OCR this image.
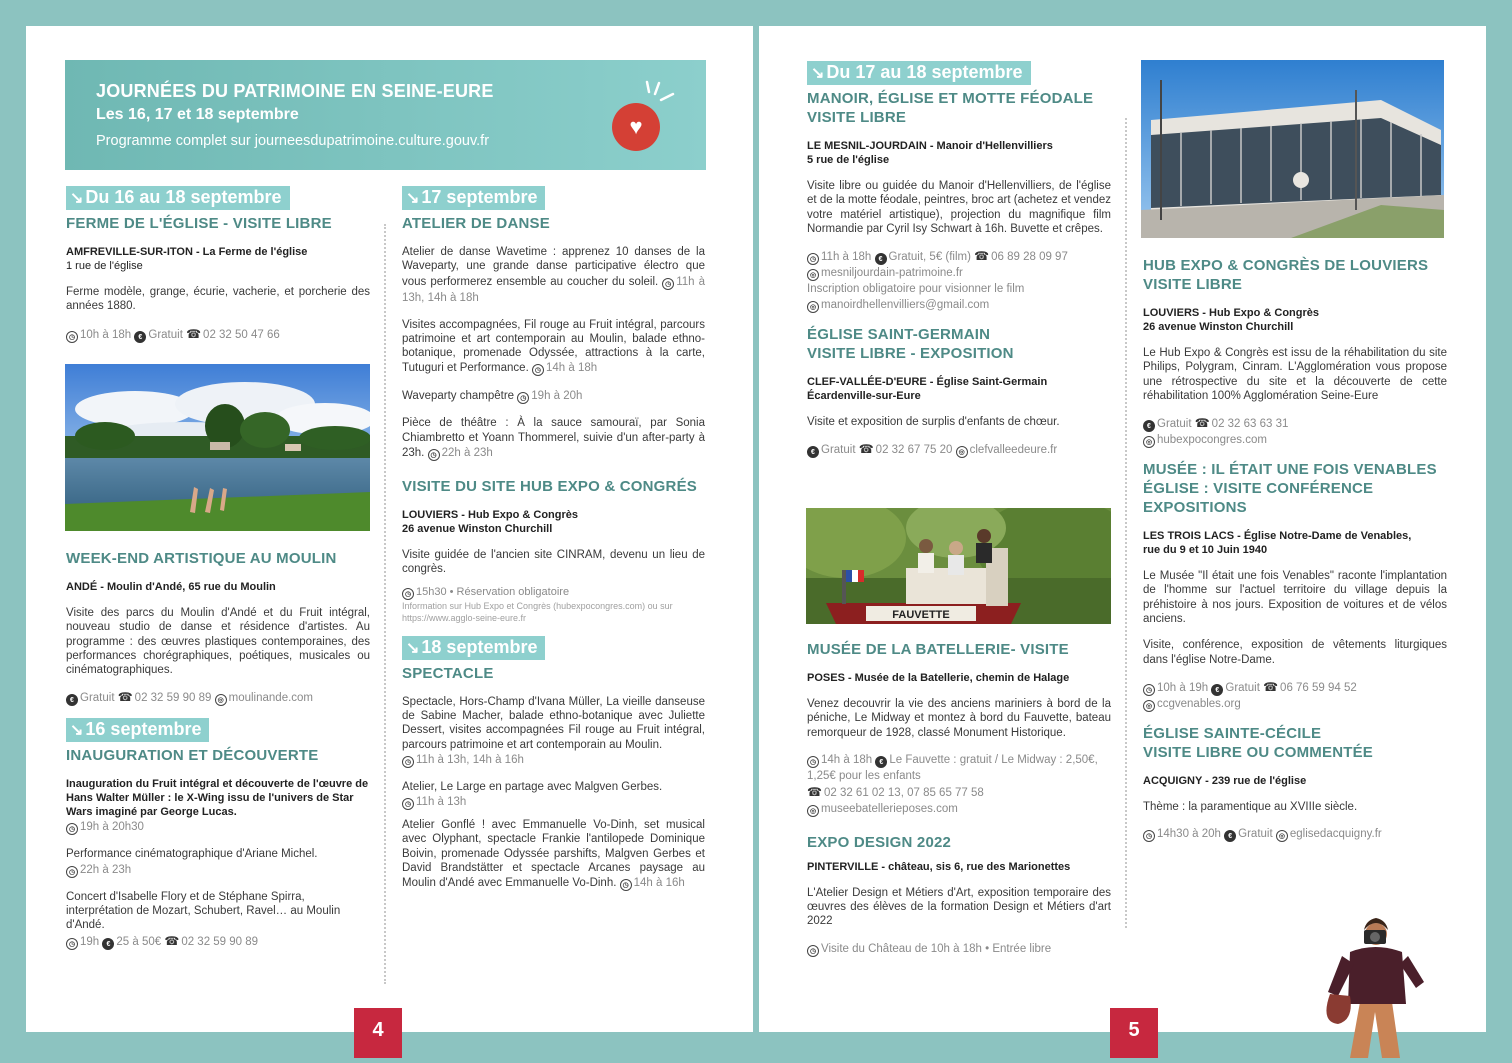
JOURNÉES DU PATRIMOINE EN SEINE-EURE
Les 16, 17 et 18 septembre
Programme complet sur journeesdupatrimoine.culture.gouv.fr
♥
↘ Du 16 au 18 septembre

FERME DE L'ÉGLISE - VISITE LIBRE

AMFREVILLE-SUR-ITON - La Ferme de l'église

1 rue de l'église

Ferme modèle, grange, écurie, vacherie, et porcherie des années 1880.

◷ 10h à 18h € Gratuit ☎ 02 32 50 47 66

WEEK-END ARTISTIQUE AU MOULIN

ANDÉ - Moulin d'Andé, 65 rue du Moulin

Visite des parcs du Moulin d'Andé et du Fruit intégral, nouveau studio de danse et résidence d'artistes. Au programme : des œuvres plastiques contemporaines, des performances chorégraphiques, poétiques, musicales ou cinématographiques.

€ Gratuit ☎ 02 32 59 90 89 ◎ moulinande.com

↘ 16 septembre

INAUGURATION ET DÉCOUVERTE

Inauguration du Fruit intégral et découverte de l'œuvre de Hans Walter Müller : le X-Wing issu de l'univers de Star Wars imaginé par George Lucas.

◷ 19h à 20h30

Performance cinématographique d'Ariane Michel.

◷ 22h à 23h

Concert d'Isabelle Flory et de Stéphane Spirra, interprétation de Mozart, Schubert, Ravel… au Moulin d'Andé.

◷ 19h € 25 à 50€ ☎ 02 32 59 90 89

↘ 17 septembre

ATELIER DE DANSE

Atelier de danse Wavetime : apprenez 10 danses de la Waveparty, une grande danse participative électro que vous performerez ensemble au coucher du soleil. ◷ 11h à 13h, 14h à 18h

Visites accompagnées, Fil rouge au Fruit intégral, parcours patrimoine et art contemporain au Moulin, balade ethno-botanique, promenade Odyssée, attractions à la carte, Tutuguri et Performance. ◷ 14h à 18h

Waveparty champêtre ◷ 19h à 20h

Pièce de théâtre : À la sauce samouraï, par Sonia Chiambretto et Yoann Thommerel, suivie d'un after-party à 23h. ◷ 22h à 23h

VISITE DU SITE HUB EXPO & CONGRÉS

LOUVIERS - Hub Expo & Congrès

26 avenue Winston Churchill

Visite guidée de l'ancien site CINRAM, devenu un lieu de congrès.

◷ 15h30 • Réservation obligatoire

Information sur Hub Expo et Congrès (hubexpocongres.com) ou sur https://www.agglo-seine-eure.fr

↘ 18 septembre

SPECTACLE

Spectacle, Hors-Champ d'Ivana Müller, La vieille danseuse de Sabine Macher, balade ethno-botanique avec Juliette Dessert, visites accompagnées Fil rouge au Fruit intégral, parcours patrimoine et art contemporain au Moulin.

◷ 11h à 13h, 14h à 16h

Atelier, Le Large en partage avec Malgven Gerbes.

◷ 11h à 13h

Atelier Gonflé ! avec Emmanuelle Vo-Dinh, set musical avec Olyphant, spectacle Frankie l'antilopede Dominique Boivin, promenade Odyssée parshifts, Malgven Gerbes et David Brandstätter et spectacle Arcanes paysage au Moulin d'Andé avec Emmanuelle Vo-Dinh. ◷ 14h à 16h

4
↘ Du 17 au 18 septembre

MANOIR, ÉGLISE ET MOTTE FÉODALE

VISITE LIBRE

LE MESNIL-JOURDAIN - Manoir d'Hellenvilliers

5 rue de l'église

Visite libre ou guidée du Manoir d'Hellenvilliers, de l'église et de la motte féodale, peintres, broc art (achetez et vendez votre matériel artistique), projection du magnifique film Normandie par Cyril Isy Schwart à 16h. Buvette et crêpes.

◷ 11h à 18h € Gratuit, 5€ (film) ☎ 06 89 28 09 97

◎ mesniljourdain-patrimoine.fr

Inscription obligatoire pour visionner le film

◎ manoirdhellenvilliers@gmail.com

ÉGLISE SAINT-GERMAIN

VISITE LIBRE - EXPOSITION

CLEF-VALLÉE-D'EURE - Église Saint-Germain

Écardenville-sur-Eure

Visite et exposition de surplis d'enfants de chœur.

€ Gratuit ☎ 02 32 67 75 20 ◎ clefvalleedeure.fr

FAUVETTE

MUSÉE DE LA BATELLERIE- VISITE

POSES - Musée de la Batellerie, chemin de Halage

Venez decouvrir la vie des anciens mariniers à bord de la péniche, Le Midway et montez à bord du Fauvette, bateau remorqueur de 1928, classé Monument Historique.

◷ 14h à 18h € Le Fauvette : gratuit / Le Midway : 2,50€, 1,25€ pour les enfants

☎ 02 32 61 02 13, 07 85 65 77 58

◎ museebatellerieposes.com

EXPO DESIGN 2022

PINTERVILLE - château, sis 6, rue des Marionettes

L'Atelier Design et Métiers d'Art, exposition temporaire des œuvres des élèves de la formation Design et Métiers d'art 2022

◷ Visite du Château de 10h à 18h • Entrée libre

HUB EXPO & CONGRÈS DE LOUVIERS

VISITE LIBRE

LOUVIERS - Hub Expo & Congrès

26 avenue Winston Churchill

Le Hub Expo & Congrès est issu de la réhabilitation du site Philips, Polygram, Cinram. L'Agglomération vous propose une rétrospective du site et la découverte de cette réhabilitation 100% Agglomération Seine-Eure

€ Gratuit ☎ 02 32 63 63 31

◎ hubexpocongres.com

MUSÉE : IL ÉTAIT UNE FOIS VENABLES

ÉGLISE : VISITE CONFÉRENCE

EXPOSITIONS

LES TROIS LACS - Église Notre-Dame de Venables,

rue du 9 et 10 Juin 1940

Le Musée "Il était une fois Venables" raconte l'implantation de l'homme sur l'actuel territoire du village depuis la préhistoire à nos jours. Exposition de voitures et de vélos anciens.

Visite, conférence, exposition de vêtements liturgiques dans l'église Notre-Dame.

◷ 10h à 19h € Gratuit ☎ 06 76 59 94 52

◎ ccgvenables.org

ÉGLISE SAINTE-CÉCILE

VISITE LIBRE OU COMMENTÉE

ACQUIGNY - 239 rue de l'église

Thème : la paramentique au XVIIIe siècle.

◷ 14h30 à 20h € Gratuit ◎ eglisedacquigny.fr

5
